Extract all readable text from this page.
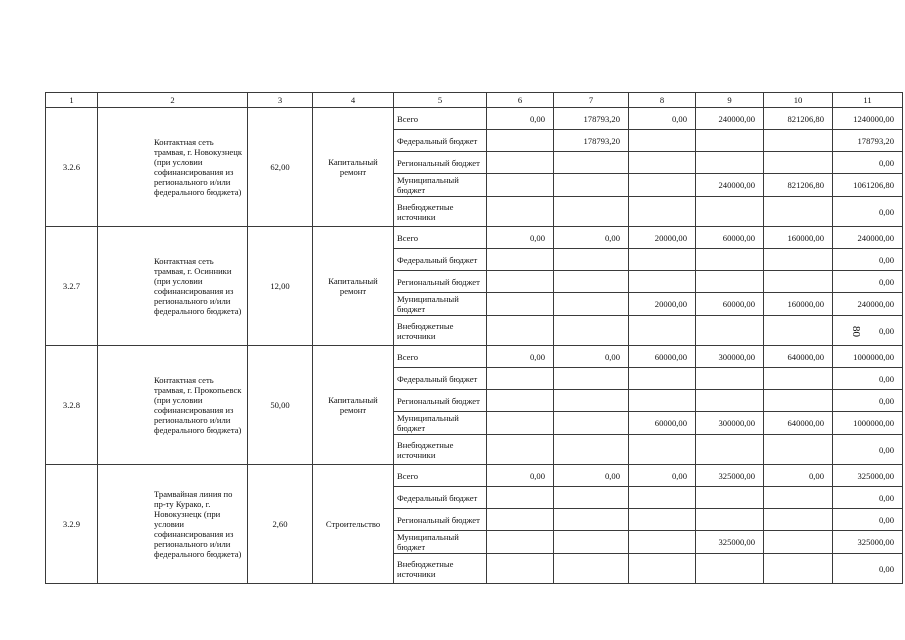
1	2	3	4	5	6	7	8	9	10	11
3.2.6	Контактная сеть трамвая, г. Новокузнецк (при условии софинансирования из регионального и/или федерального бюджета)	62,00	Капитальный ремонт	Всего	0,00	178793,20	0,00	240000,00	821206,80	1240000,00
				Федеральный бюджет		178793,20				178793,20
				Региональный бюджет						0,00
				Муниципальный бюджет				240000,00	821206,80	1061206,80
				Внебюджетные источники						0,00
3.2.7	Контактная сеть трамвая, г. Осинники (при условии софинансирования из регионального и/или федерального бюджета)	12,00	Капитальный ремонт	Всего	0,00	0,00	20000,00	60000,00	160000,00	240000,00
				Федеральный бюджет						0,00
				Региональный бюджет						0,00
				Муниципальный бюджет			20000,00	60000,00	160000,00	240000,00
				Внебюджетные источники						0,00
3.2.8	Контактная сеть трамвая, г. Прокопьевск (при условии софинансирования из регионального и/или федерального бюджета)	50,00	Капитальный ремонт	Всего	0,00	0,00	60000,00	300000,00	640000,00	1000000,00
				Федеральный бюджет						0,00
				Региональный бюджет						0,00
				Муниципальный бюджет			60000,00	300000,00	640000,00	1000000,00
				Внебюджетные источники						0,00
3.2.9	Трамвайная линия по пр-ту Курако, г. Новокузнецк (при условии софинансирования из регионального и/или федерального бюджета)	2,60	Строительство	Всего	0,00	0,00	0,00	325000,00	0,00	325000,00
				Федеральный бюджет						0,00
				Региональный бюджет						0,00
				Муниципальный бюджет				325000,00		325000,00
				Внебюджетные источники						0,00
80
